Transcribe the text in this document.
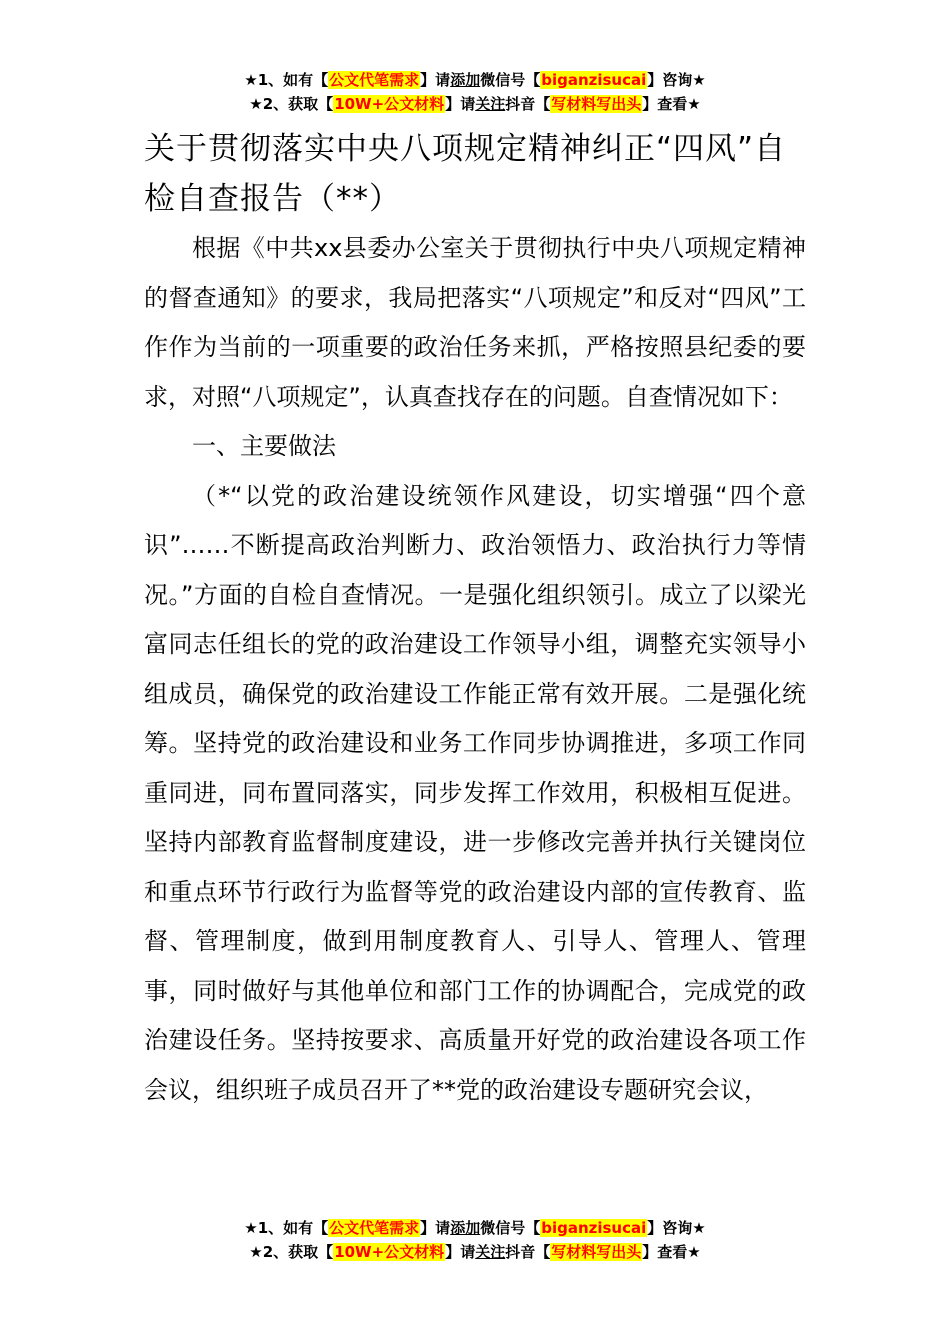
★1、如有【公文代笔需求】请添加微信号【biganzisucai】咨询★
★2、获取【10W+公文材料】请关注抖音【写材料写出头】查看★
关于贯彻落实中央八项规定精神纠正“四风”自检自查报告（**）

根据《中共xx县委办公室关于贯彻执行中央八项规定精神的督查通知》的要求，我局把落实“八项规定”和反对“四风”工作作为当前的一项重要的政治任务来抓，严格按照县纪委的要求，对照“八项规定”，认真查找存在的问题。自查情况如下：

一、主要做法

（*“以党的政治建设统领作风建设，切实增强“四个意识”……不断提高政治判断力、政治领悟力、政治执行力等情况。”方面的自检自查情况。一是强化组织领引。成立了以梁光富同志任组长的党的政治建设工作领导小组，调整充实领导小组成员，确保党的政治建设工作能正常有效开展。二是强化统筹。坚持党的政治建设和业务工作同步协调推进，多项工作同重同进，同布置同落实，同步发挥工作效用，积极相互促进。坚持内部教育监督制度建设，进一步修改完善并执行关键岗位和重点环节行政行为监督等党的政治建设内部的宣传教育、监督、管理制度，做到用制度教育人、引导人、管理人、管理事，同时做好与其他单位和部门工作的协调配合，完成党的政治建设任务。坚持按要求、高质量开好党的政治建设各项工作会议，组织班子成员召开了**党的政治建设专题研究会议，

★1、如有【公文代笔需求】请添加微信号【biganzisucai】咨询★
★2、获取【10W+公文材料】请关注抖音【写材料写出头】查看★
